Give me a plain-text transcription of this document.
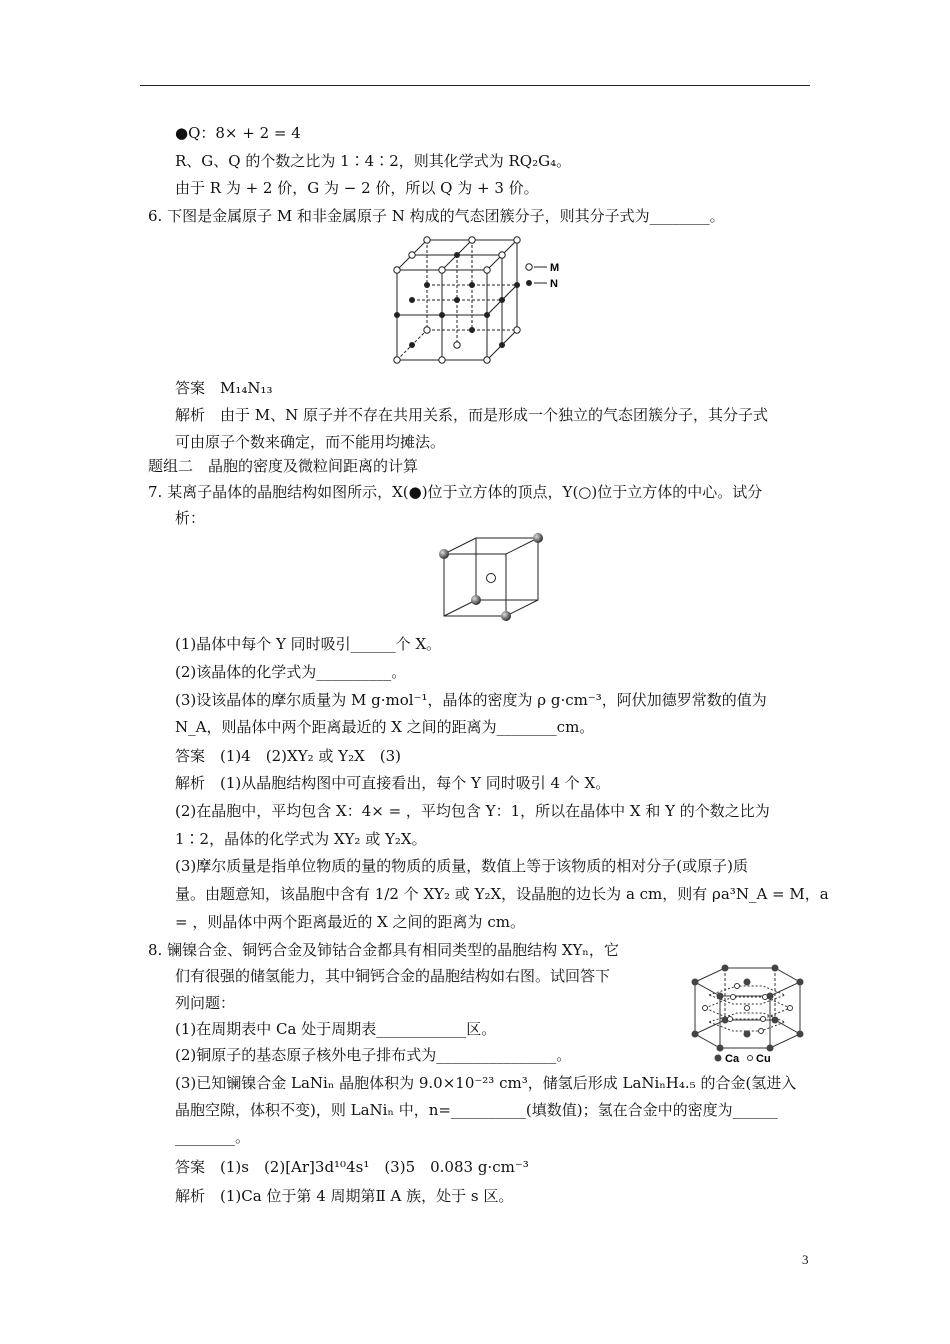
●Q：8× + 2 = 4
R、G、Q 的个数之比为 1∶4∶2，则其化学式为 RQ₂G₄。
由于 R 为 + 2 价，G 为 − 2 价，所以 Q 为 + 3 价。
6. 下图是金属原子 M 和非金属原子 N 构成的气态团簇分子，则其分子式为________。
M
N
答案　M₁₄N₁₃
解析　由于 M、N 原子并不存在共用关系，而是形成一个独立的气态团簇分子，其分子式
可由原子个数来确定，而不能用均摊法。
题组二　晶胞的密度及微粒间距离的计算
7. 某离子晶体的晶胞结构如图所示，X(●)位于立方体的顶点，Y(○)位于立方体的中心。试分
析：
(1)晶体中每个 Y 同时吸引______个 X。
(2)该晶体的化学式为__________。
(3)设该晶体的摩尔质量为 M g·mol⁻¹，晶体的密度为 ρ g·cm⁻³，阿伏加德罗常数的值为
N_A，则晶体中两个距离最近的 X 之间的距离为________cm。
答案　(1)4　(2)XY₂ 或 Y₂X　(3)
解析　(1)从晶胞结构图中可直接看出，每个 Y 同时吸引 4 个 X。
(2)在晶胞中，平均包含 X：4× = ，平均包含 Y：1，所以在晶体中 X 和 Y 的个数之比为
1∶2，晶体的化学式为 XY₂ 或 Y₂X。
(3)摩尔质量是指单位物质的量的物质的质量，数值上等于该物质的相对分子(或原子)质
量。由题意知，该晶胞中含有 1/2 个 XY₂ 或 Y₂X，设晶胞的边长为 a cm，则有 ρa³N_A = M，a
= ，则晶体中两个距离最近的 X 之间的距离为 cm。
8. 镧镍合金、铜钙合金及铈钴合金都具有相同类型的晶胞结构 XYₙ，它
们有很强的储氢能力，其中铜钙合金的晶胞结构如右图。试回答下
列问题：
(1)在周期表中 Ca 处于周期表____________区。
(2)铜原子的基态原子核外电子排布式为________________。	Ca Cu
(3)已知镧镍合金 LaNiₙ 晶胞体积为 9.0×10⁻²³ cm³，储氢后形成 LaNiₙH₄.₅ 的合金(氢进入
晶胞空隙，体积不变)，则 LaNiₙ 中，n=__________(填数值)；氢在合金中的密度为______
________。
答案　(1)s　(2)[Ar]3d¹⁰4s¹　(3)5　0.083 g·cm⁻³
解析　(1)Ca 位于第 4 周期第Ⅱ A 族，处于 s 区。
3
